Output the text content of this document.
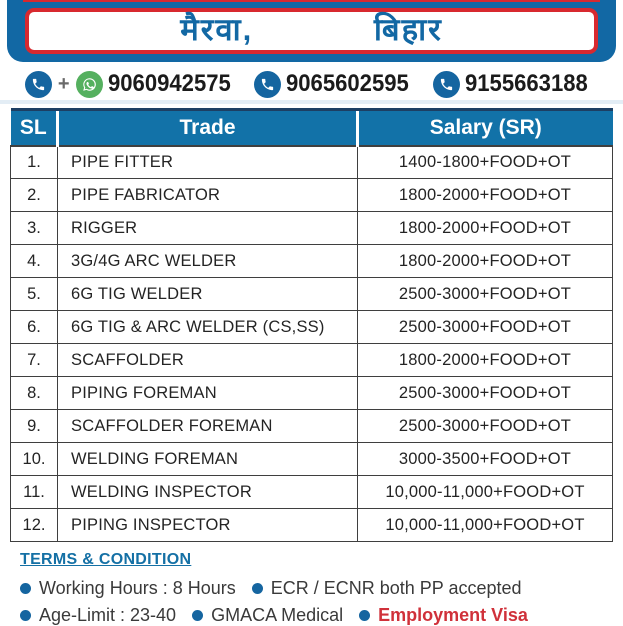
मैरवा, बिहार
+ 9060942575 9065602595 9155663188
SL	Trade	Salary (SR)
1.	PIPE FITTER	1400-1800+FOOD+OT
2.	PIPE FABRICATOR	1800-2000+FOOD+OT
3.	RIGGER	1800-2000+FOOD+OT
4.	3G/4G ARC WELDER	1800-2000+FOOD+OT
5.	6G TIG WELDER	2500-3000+FOOD+OT
6.	6G TIG & ARC WELDER (CS,SS)	2500-3000+FOOD+OT
7.	SCAFFOLDER	1800-2000+FOOD+OT
8.	PIPING FOREMAN	2500-3000+FOOD+OT
9.	SCAFFOLDER FOREMAN	2500-3000+FOOD+OT
10.	WELDING FOREMAN	3000-3500+FOOD+OT
11.	WELDING INSPECTOR	10,000-11,000+FOOD+OT
12.	PIPING INSPECTOR	10,000-11,000+FOOD+OT
TERMS & CONDITION
Working Hours : 8 Hours ECR / ECNR both PP accepted
Age-Limit : 23-40 GMACA Medical Employment Visa
